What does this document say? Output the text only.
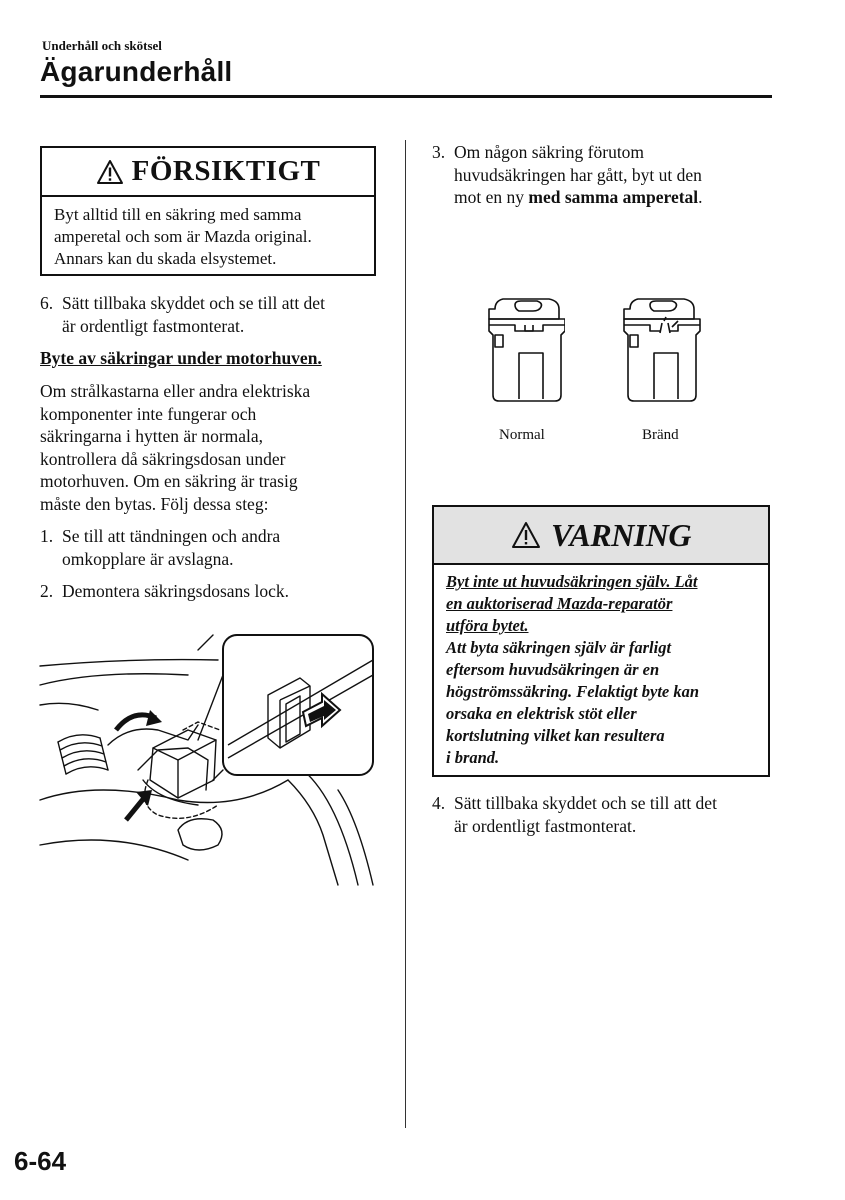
Underhåll och skötsel
Ägarunderhåll
FÖRSIKTIGT
Byt alltid till en säkring med samma
amperetal och som är Mazda original.
Annars kan du skada elsystemet.
6. Sätt tillbaka skyddet och se till att det
är ordentligt fastmonterat.
Byte av säkringar under motorhuven.
Om strålkastarna eller andra elektriska
komponenter inte fungerar och
säkringarna i hytten är normala,
kontrollera då säkringsdosan under
motorhuven. Om en säkring är trasig
måste den bytas. Följ dessa steg:
1. Se till att tändningen och andra
omkopplare är avslagna.
2. Demontera säkringsdosans lock.
3. Om någon säkring förutom
huvudsäkringen har gått, byt ut den
mot en ny med samma amperetal.
Normal	Bränd
VARNING
Byt inte ut huvudsäkringen själv. Låt
en auktoriserad Mazda-reparatör
utföra bytet.
Att byta säkringen själv är farligt
eftersom huvudsäkringen är en
högströmssäkring. Felaktigt byte kan
orsaka en elektrisk stöt eller
kortslutning vilket kan resultera
i brand.
4. Sätt tillbaka skyddet och se till att det
är ordentligt fastmonterat.
6-64
